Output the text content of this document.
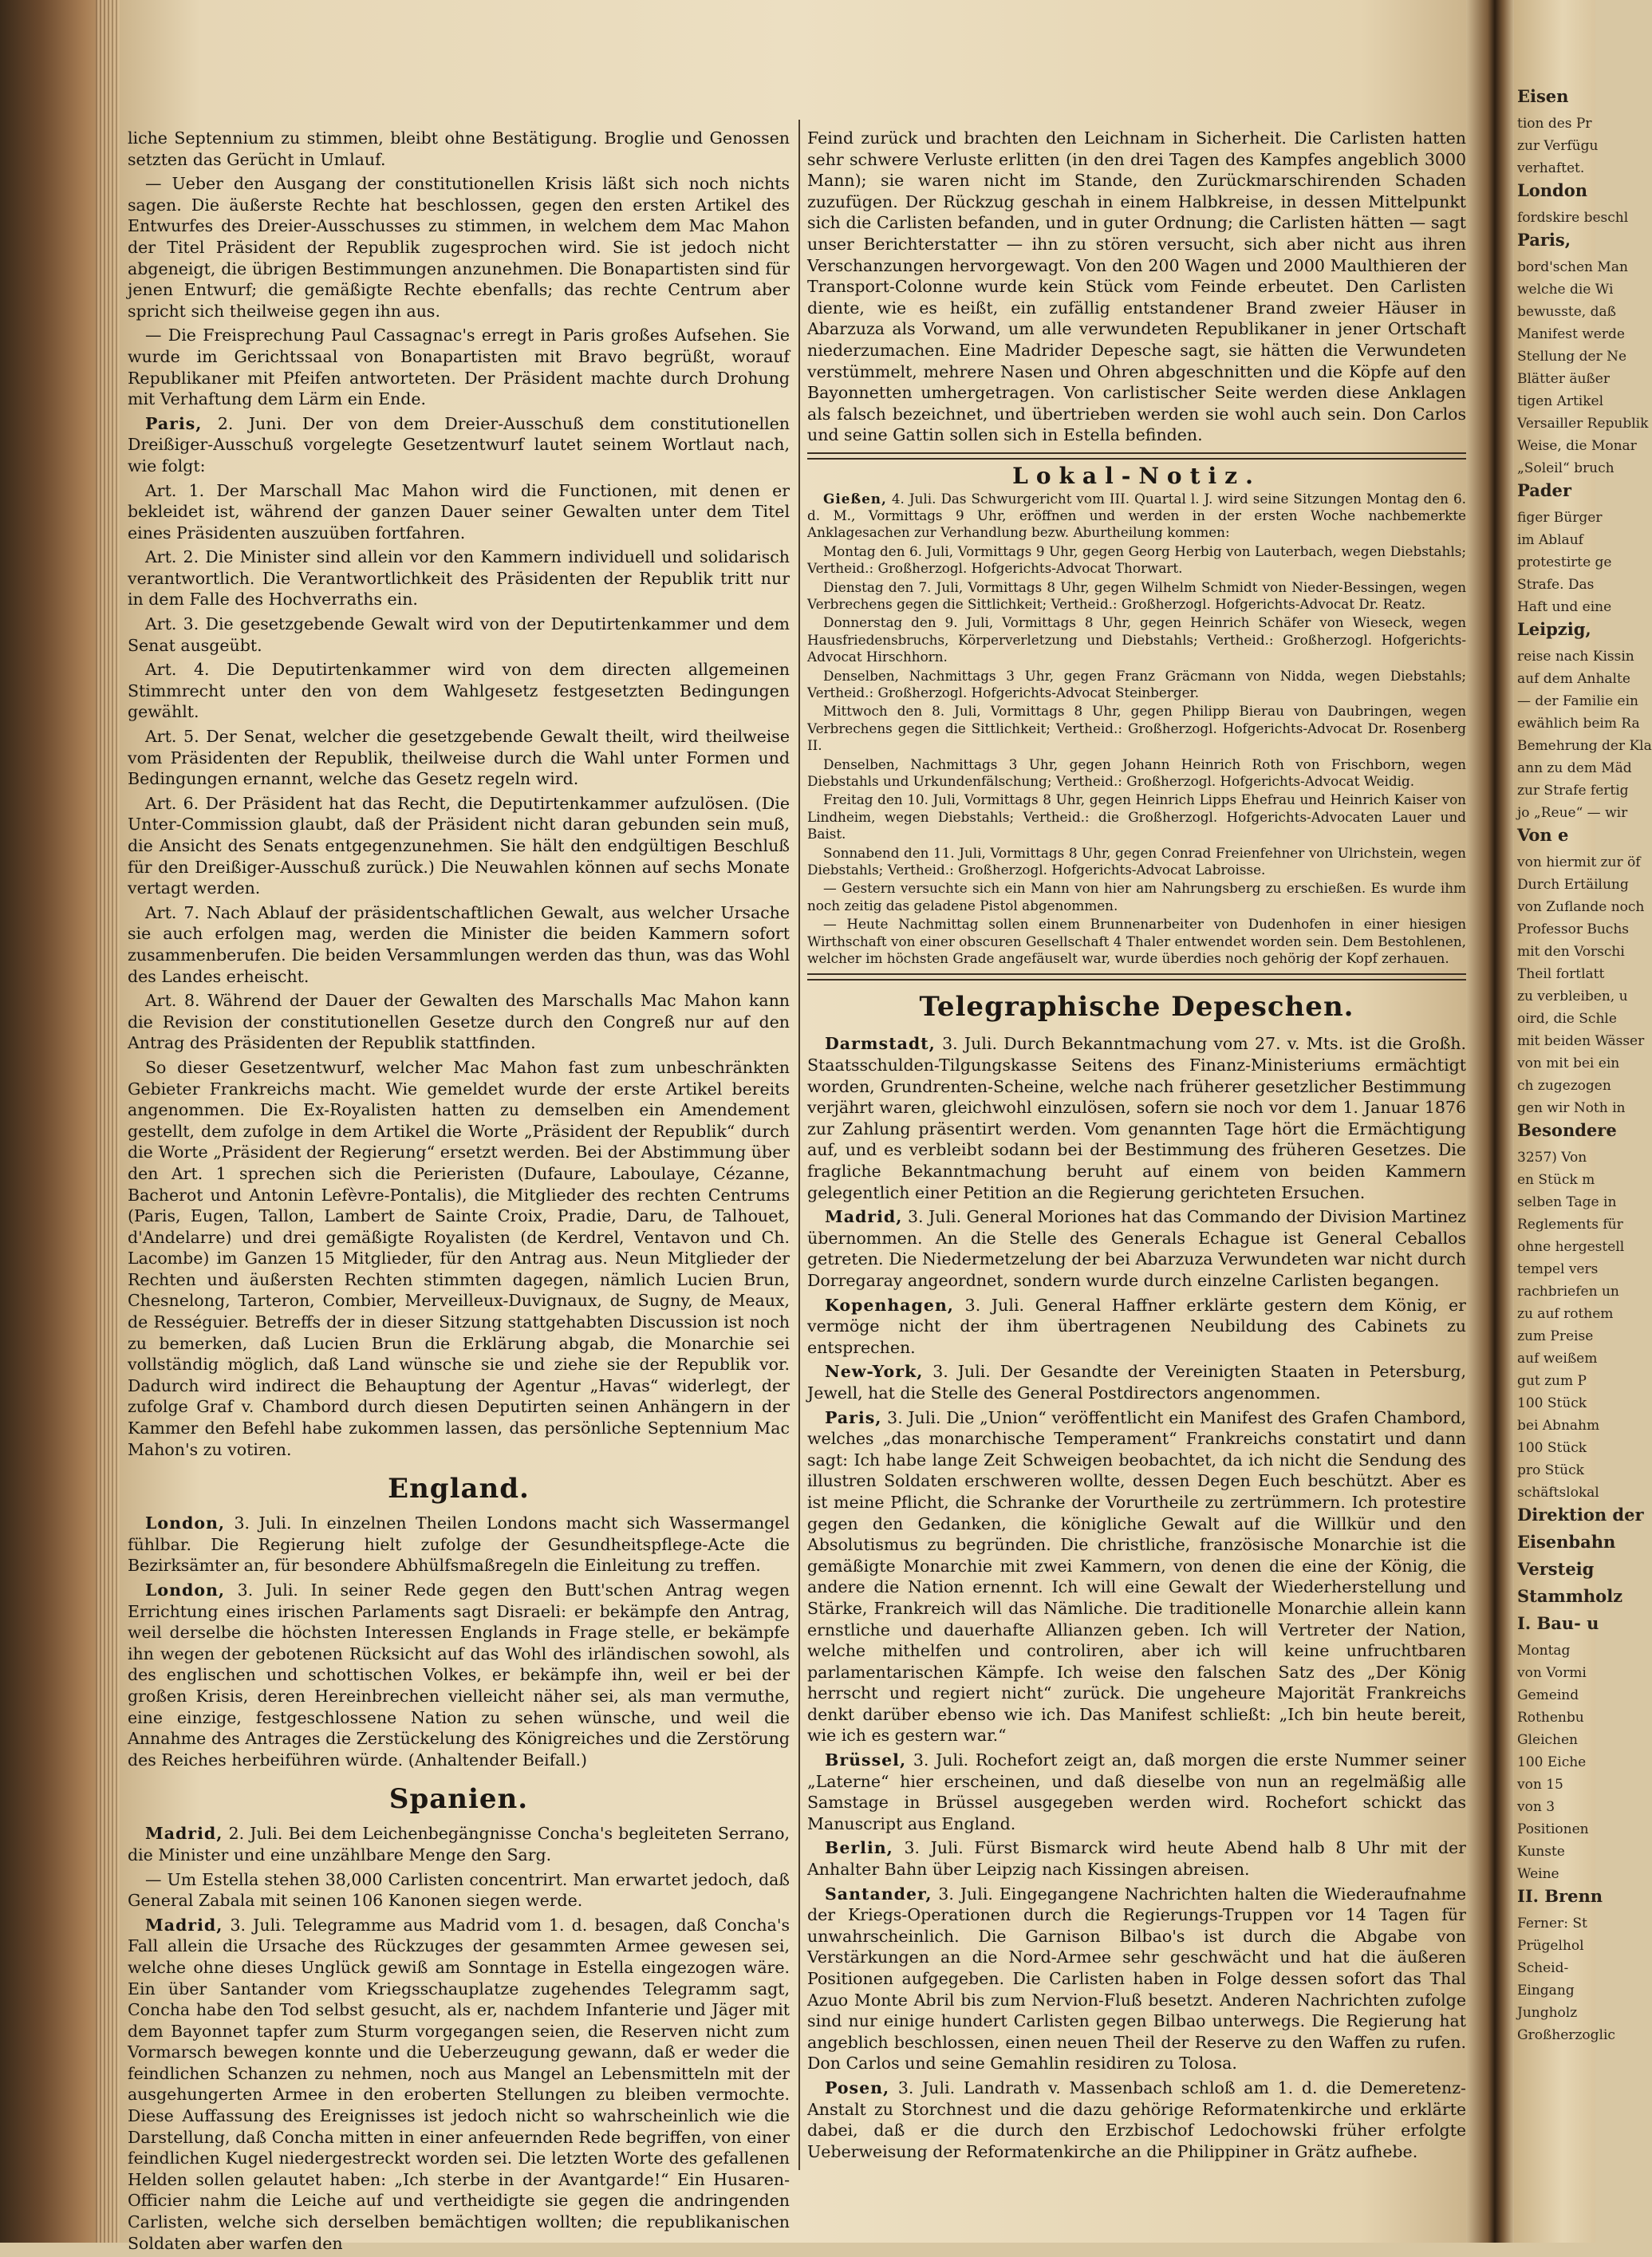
liche Septennium zu stimmen, bleibt ohne Bestätigung. Broglie und Genossen setzten das Gerücht in Umlauf.

— Ueber den Ausgang der constitutionellen Krisis läßt sich noch nichts sagen. Die äußerste Rechte hat beschlossen, gegen den ersten Artikel des Entwurfes des Dreier-Ausschusses zu stimmen, in welchem dem Mac Mahon der Titel Präsident der Republik zugesprochen wird. Sie ist jedoch nicht abgeneigt, die übrigen Bestimmungen anzunehmen. Die Bonapartisten sind für jenen Entwurf; die gemäßigte Rechte ebenfalls; das rechte Centrum aber spricht sich theilweise gegen ihn aus.

— Die Freisprechung Paul Cassagnac's erregt in Paris großes Aufsehen. Sie wurde im Gerichtssaal von Bonapartisten mit Bravo begrüßt, worauf Republikaner mit Pfeifen antworteten. Der Präsident machte durch Drohung mit Verhaftung dem Lärm ein Ende.

Paris, 2. Juni. Der von dem Dreier-Ausschuß dem constitutionellen Dreißiger-Ausschuß vorgelegte Gesetzentwurf lautet seinem Wortlaut nach, wie folgt:

Art. 1. Der Marschall Mac Mahon wird die Functionen, mit denen er bekleidet ist, während der ganzen Dauer seiner Gewalten unter dem Titel eines Präsidenten auszuüben fortfahren.

Art. 2. Die Minister sind allein vor den Kammern individuell und solidarisch verantwortlich. Die Verantwortlichkeit des Präsidenten der Republik tritt nur in dem Falle des Hochverraths ein.

Art. 3. Die gesetzgebende Gewalt wird von der Deputirtenkammer und dem Senat ausgeübt.

Art. 4. Die Deputirtenkammer wird von dem directen allgemeinen Stimmrecht unter den von dem Wahlgesetz festgesetzten Bedingungen gewählt.

Art. 5. Der Senat, welcher die gesetzgebende Gewalt theilt, wird theilweise vom Präsidenten der Republik, theilweise durch die Wahl unter Formen und Bedingungen ernannt, welche das Gesetz regeln wird.

Art. 6. Der Präsident hat das Recht, die Deputirtenkammer aufzulösen. (Die Unter-Commission glaubt, daß der Präsident nicht daran gebunden sein muß, die Ansicht des Senats entgegenzunehmen. Sie hält den endgültigen Beschluß für den Dreißiger-Ausschuß zurück.) Die Neuwahlen können auf sechs Monate vertagt werden.

Art. 7. Nach Ablauf der präsidentschaftlichen Gewalt, aus welcher Ursache sie auch erfolgen mag, werden die Minister die beiden Kammern sofort zusammenberufen. Die beiden Versammlungen werden das thun, was das Wohl des Landes erheischt.

Art. 8. Während der Dauer der Gewalten des Marschalls Mac Mahon kann die Revision der constitutionellen Gesetze durch den Congreß nur auf den Antrag des Präsidenten der Republik stattfinden.

So dieser Gesetzentwurf, welcher Mac Mahon fast zum unbeschränkten Gebieter Frankreichs macht. Wie gemeldet wurde der erste Artikel bereits angenommen. Die Ex-Royalisten hatten zu demselben ein Amendement gestellt, dem zufolge in dem Artikel die Worte „Präsident der Republik“ durch die Worte „Präsident der Regierung“ ersetzt werden. Bei der Abstimmung über den Art. 1 sprechen sich die Perieristen (Dufaure, Laboulaye, Cézanne, Bacherot und Antonin Lefèvre-Pontalis), die Mitglieder des rechten Centrums (Paris, Eugen, Tallon, Lambert de Sainte Croix, Pradie, Daru, de Talhouet, d'Andelarre) und drei gemäßigte Royalisten (de Kerdrel, Ventavon und Ch. Lacombe) im Ganzen 15 Mitglieder, für den Antrag aus. Neun Mitglieder der Rechten und äußersten Rechten stimmten dagegen, nämlich Lucien Brun, Chesnelong, Tarteron, Combier, Merveilleux-Duvignaux, de Sugny, de Meaux, de Rességuier. Betreffs der in dieser Sitzung stattgehabten Discussion ist noch zu bemerken, daß Lucien Brun die Erklärung abgab, die Monarchie sei vollständig möglich, daß Land wünsche sie und ziehe sie der Republik vor. Dadurch wird indirect die Behauptung der Agentur „Havas“ widerlegt, der zufolge Graf v. Chambord durch diesen Deputirten seinen Anhängern in der Kammer den Befehl habe zukommen lassen, das persönliche Septennium Mac Mahon's zu votiren.

England.

London, 3. Juli. In einzelnen Theilen Londons macht sich Wassermangel fühlbar. Die Regierung hielt zufolge der Gesundheitspflege-Acte die Bezirksämter an, für besondere Abhülfsmaßregeln die Einleitung zu treffen.

London, 3. Juli. In seiner Rede gegen den Butt'schen Antrag wegen Errichtung eines irischen Parlaments sagt Disraeli: er bekämpfe den Antrag, weil derselbe die höchsten Interessen Englands in Frage stelle, er bekämpfe ihn wegen der gebotenen Rücksicht auf das Wohl des irländischen sowohl, als des englischen und schottischen Volkes, er bekämpfe ihn, weil er bei der großen Krisis, deren Hereinbrechen vielleicht näher sei, als man vermuthe, eine einzige, festgeschlossene Nation zu sehen wünsche, und weil die Annahme des Antrages die Zerstückelung des Königreiches und die Zerstörung des Reiches herbeiführen würde. (Anhaltender Beifall.)

Spanien.

Madrid, 2. Juli. Bei dem Leichenbegängnisse Concha's begleiteten Serrano, die Minister und eine unzählbare Menge den Sarg.

— Um Estella stehen 38,000 Carlisten concentrirt. Man erwartet jedoch, daß General Zabala mit seinen 106 Kanonen siegen werde.

Madrid, 3. Juli. Telegramme aus Madrid vom 1. d. besagen, daß Concha's Fall allein die Ursache des Rückzuges der gesammten Armee gewesen sei, welche ohne dieses Unglück gewiß am Sonntage in Estella eingezogen wäre. Ein über Santander vom Kriegsschauplatze zugehendes Telegramm sagt, Concha habe den Tod selbst gesucht, als er, nachdem Infanterie und Jäger mit dem Bayonnet tapfer zum Sturm vorgegangen seien, die Reserven nicht zum Vormarsch bewegen konnte und die Ueberzeugung gewann, daß er weder die feindlichen Schanzen zu nehmen, noch aus Mangel an Lebensmitteln mit der ausgehungerten Armee in den eroberten Stellungen zu bleiben vermochte. Diese Auffassung des Ereignisses ist jedoch nicht so wahrscheinlich wie die Darstellung, daß Concha mitten in einer anfeuernden Rede begriffen, von einer feindlichen Kugel niedergestreckt worden sei. Die letzten Worte des gefallenen Helden sollen gelautet haben: „Ich sterbe in der Avantgarde!“ Ein Husaren-Officier nahm die Leiche auf und vertheidigte sie gegen die andringenden Carlisten, welche sich derselben bemächtigen wollten; die republikanischen Soldaten aber warfen den

Feind zurück und brachten den Leichnam in Sicherheit. Die Carlisten hatten sehr schwere Verluste erlitten (in den drei Tagen des Kampfes angeblich 3000 Mann); sie waren nicht im Stande, den Zurückmarschirenden Schaden zuzufügen. Der Rückzug geschah in einem Halbkreise, in dessen Mittelpunkt sich die Carlisten befanden, und in guter Ordnung; die Carlisten hätten — sagt unser Berichterstatter — ihn zu stören versucht, sich aber nicht aus ihren Verschanzungen hervorgewagt. Von den 200 Wagen und 2000 Maulthieren der Transport-Colonne wurde kein Stück vom Feinde erbeutet. Den Carlisten diente, wie es heißt, ein zufällig entstandener Brand zweier Häuser in Abarzuza als Vorwand, um alle verwundeten Republikaner in jener Ortschaft niederzumachen. Eine Madrider Depesche sagt, sie hätten die Verwundeten verstümmelt, mehrere Nasen und Ohren abgeschnitten und die Köpfe auf den Bayonnetten umhergetragen. Von carlistischer Seite werden diese Anklagen als falsch bezeichnet, und übertrieben werden sie wohl auch sein. Don Carlos und seine Gattin sollen sich in Estella befinden.

Lokal-Notiz.

Gießen, 4. Juli. Das Schwurgericht vom III. Quartal l. J. wird seine Sitzungen Montag den 6. d. M., Vormittags 9 Uhr, eröffnen und werden in der ersten Woche nachbemerkte Anklagesachen zur Verhandlung bezw. Aburtheilung kommen:

Montag den 6. Juli, Vormittags 9 Uhr, gegen Georg Herbig von Lauterbach, wegen Diebstahls; Vertheid.: Großherzogl. Hofgerichts-Advocat Thorwart.

Dienstag den 7. Juli, Vormittags 8 Uhr, gegen Wilhelm Schmidt von Nieder-Bessingen, wegen Verbrechens gegen die Sittlichkeit; Vertheid.: Großherzogl. Hofgerichts-Advocat Dr. Reatz.

Donnerstag den 9. Juli, Vormittags 8 Uhr, gegen Heinrich Schäfer von Wieseck, wegen Hausfriedensbruchs, Körperverletzung und Diebstahls; Vertheid.: Großherzogl. Hofgerichts-Advocat Hirschhorn.

Denselben, Nachmittags 3 Uhr, gegen Franz Gräcmann von Nidda, wegen Diebstahls; Vertheid.: Großherzogl. Hofgerichts-Advocat Steinberger.

Mittwoch den 8. Juli, Vormittags 8 Uhr, gegen Philipp Bierau von Daubringen, wegen Verbrechens gegen die Sittlichkeit; Vertheid.: Großherzogl. Hofgerichts-Advocat Dr. Rosenberg II.

Denselben, Nachmittags 3 Uhr, gegen Johann Heinrich Roth von Frischborn, wegen Diebstahls und Urkundenfälschung; Vertheid.: Großherzogl. Hofgerichts-Advocat Weidig.

Freitag den 10. Juli, Vormittags 8 Uhr, gegen Heinrich Lipps Ehefrau und Heinrich Kaiser von Lindheim, wegen Diebstahls; Vertheid.: die Großherzogl. Hofgerichts-Advocaten Lauer und Baist.

Sonnabend den 11. Juli, Vormittags 8 Uhr, gegen Conrad Freienfehner von Ulrichstein, wegen Diebstahls; Vertheid.: Großherzogl. Hofgerichts-Advocat Labroisse.

— Gestern versuchte sich ein Mann von hier am Nahrungsberg zu erschießen. Es wurde ihm noch zeitig das geladene Pistol abgenommen.

— Heute Nachmittag sollen einem Brunnenarbeiter von Dudenhofen in einer hiesigen Wirthschaft von einer obscuren Gesellschaft 4 Thaler entwendet worden sein. Dem Bestohlenen, welcher im höchsten Grade angefäuselt war, wurde überdies noch gehörig der Kopf zerhauen.

Telegraphische Depeschen.

Darmstadt, 3. Juli. Durch Bekanntmachung vom 27. v. Mts. ist die Großh. Staatsschulden-Tilgungskasse Seitens des Finanz-Ministeriums ermächtigt worden, Grundrenten-Scheine, welche nach früherer gesetzlicher Bestimmung verjährt waren, gleichwohl einzulösen, sofern sie noch vor dem 1. Januar 1876 zur Zahlung präsentirt werden. Vom genannten Tage hört die Ermächtigung auf, und es verbleibt sodann bei der Bestimmung des früheren Gesetzes. Die fragliche Bekanntmachung beruht auf einem von beiden Kammern gelegentlich einer Petition an die Regierung gerichteten Ersuchen.

Madrid, 3. Juli. General Moriones hat das Commando der Division Martinez übernommen. An die Stelle des Generals Echague ist General Ceballos getreten. Die Niedermetzelung der bei Abarzuza Verwundeten war nicht durch Dorregaray angeordnet, sondern wurde durch einzelne Carlisten begangen.

Kopenhagen, 3. Juli. General Haffner erklärte gestern dem König, er vermöge nicht der ihm übertragenen Neubildung des Cabinets zu entsprechen.

New-York, 3. Juli. Der Gesandte der Vereinigten Staaten in Petersburg, Jewell, hat die Stelle des General Postdirectors angenommen.

Paris, 3. Juli. Die „Union“ veröffentlicht ein Manifest des Grafen Chambord, welches „das monarchische Temperament“ Frankreichs constatirt und dann sagt: Ich habe lange Zeit Schweigen beobachtet, da ich nicht die Sendung des illustren Soldaten erschweren wollte, dessen Degen Euch beschützt. Aber es ist meine Pflicht, die Schranke der Vorurtheile zu zertrümmern. Ich protestire gegen den Gedanken, die königliche Gewalt auf die Willkür und den Absolutismus zu begründen. Die christliche, französische Monarchie ist die gemäßigte Monarchie mit zwei Kammern, von denen die eine der König, die andere die Nation ernennt. Ich will eine Gewalt der Wiederherstellung und Stärke, Frankreich will das Nämliche. Die traditionelle Monarchie allein kann ernstliche und dauerhafte Allianzen geben. Ich will Vertreter der Nation, welche mithelfen und controliren, aber ich will keine unfruchtbaren parlamentarischen Kämpfe. Ich weise den falschen Satz des „Der König herrscht und regiert nicht“ zurück. Die ungeheure Majorität Frankreichs denkt darüber ebenso wie ich. Das Manifest schließt: „Ich bin heute bereit, wie ich es gestern war.“

Brüssel, 3. Juli. Rochefort zeigt an, daß morgen die erste Nummer seiner „Laterne“ hier erscheinen, und daß dieselbe von nun an regelmäßig alle Samstage in Brüssel ausgegeben werden wird. Rochefort schickt das Manuscript aus England.

Berlin, 3. Juli. Fürst Bismarck wird heute Abend halb 8 Uhr mit der Anhalter Bahn über Leipzig nach Kissingen abreisen.

Santander, 3. Juli. Eingegangene Nachrichten halten die Wiederaufnahme der Kriegs-Operationen durch die Regierungs-Truppen vor 14 Tagen für unwahrscheinlich. Die Garnison Bilbao's ist durch die Abgabe von Verstärkungen an die Nord-Armee sehr geschwächt und hat die äußeren Positionen aufgegeben. Die Carlisten haben in Folge dessen sofort das Thal Azuo Monte Abril bis zum Nervion-Fluß besetzt. Anderen Nachrichten zufolge sind nur einige hundert Carlisten gegen Bilbao unterwegs. Die Regierung hat angeblich beschlossen, einen neuen Theil der Reserve zu den Waffen zu rufen. Don Carlos und seine Gemahlin residiren zu Tolosa.

Posen, 3. Juli. Landrath v. Massenbach schloß am 1. d. die Demeretenz-Anstalt zu Storchnest und die dazu gehörige Reformatenkirche und erklärte dabei, daß er die durch den Erzbischof Ledochowski früher erfolgte Ueberweisung der Reformatenkirche an die Philippiner in Grätz aufhebe.

Eisen
tion des Pr
zur Verfügu
verhaftet.
London
fordskire beschl
Paris,
bord'schen Man
welche die Wi
bewusste, daß
Manifest werde
Stellung der Ne
Blätter äußer
tigen Artikel
Versailler Republik
Weise, die Monar
„Soleil“ bruch
Pader
figer Bürger
im Ablauf
protestirte ge
Strafe. Das
Haft und eine
Leipzig,
reise nach Kissin
auf dem Anhalte
— der Familie ein
ewählich beim Ra
Bemehrung der Kla
ann zu dem Mäd
zur Strafe fertig
jo „Reue“ — wir
Von e
von hiermit zur öf
Durch Ertäilung
von Zuflande noch
Professor Buchs
mit den Vorschi
Theil fortlatt
zu verbleiben, u
oird, die Schle
mit beiden Wässer
von mit bei ein
ch zugezogen
gen wir Noth in
Besondere
3257) Von
en Stück m
selben Tage in
Reglements für
ohne hergestell
tempel vers
rachbriefen un
zu auf rothem
zum Preise
auf weißem
gut zum P
100 Stück
bei Abnahm
100 Stück
pro Stück
schäftslokal
Direktion der
Eisenbahn
Versteig
Stammholz
I. Bau- u
Montag
von Vormi
Gemeind
Rothenbu
Gleichen
100 Eiche
von 15
von 3
Positionen
Kunste
Weine
II. Brenn
Ferner: St
Prügelhol
Scheid-
Eingang
Jungholz
Großherzoglic
